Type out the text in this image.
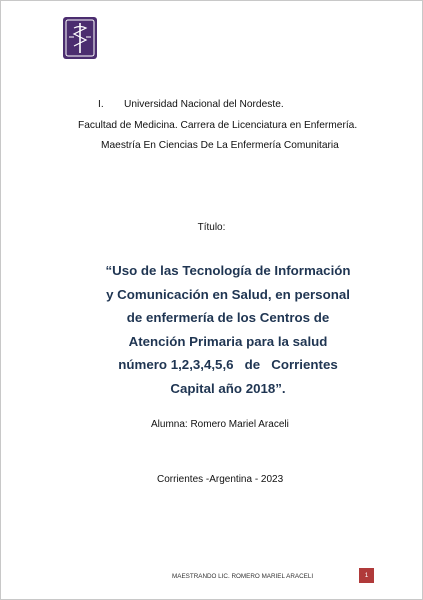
I. Universidad Nacional del Nordeste.
Facultad de Medicina. Carrera de Licenciatura en Enfermería.
Maestría En Ciencias De La Enfermería Comunitaria
Título:
“Uso de las Tecnología de Información
y Comunicación en Salud, en personal
de enfermería de los Centros de
Atención Primaria para la salud
número 1,2,3,4,5,6   de   Corrientes
Capital año 2018”.
Alumna: Romero Mariel Araceli
Corrientes -Argentina - 2023
MAESTRANDO LIC. ROMERO MARIEL ARACELI	1
